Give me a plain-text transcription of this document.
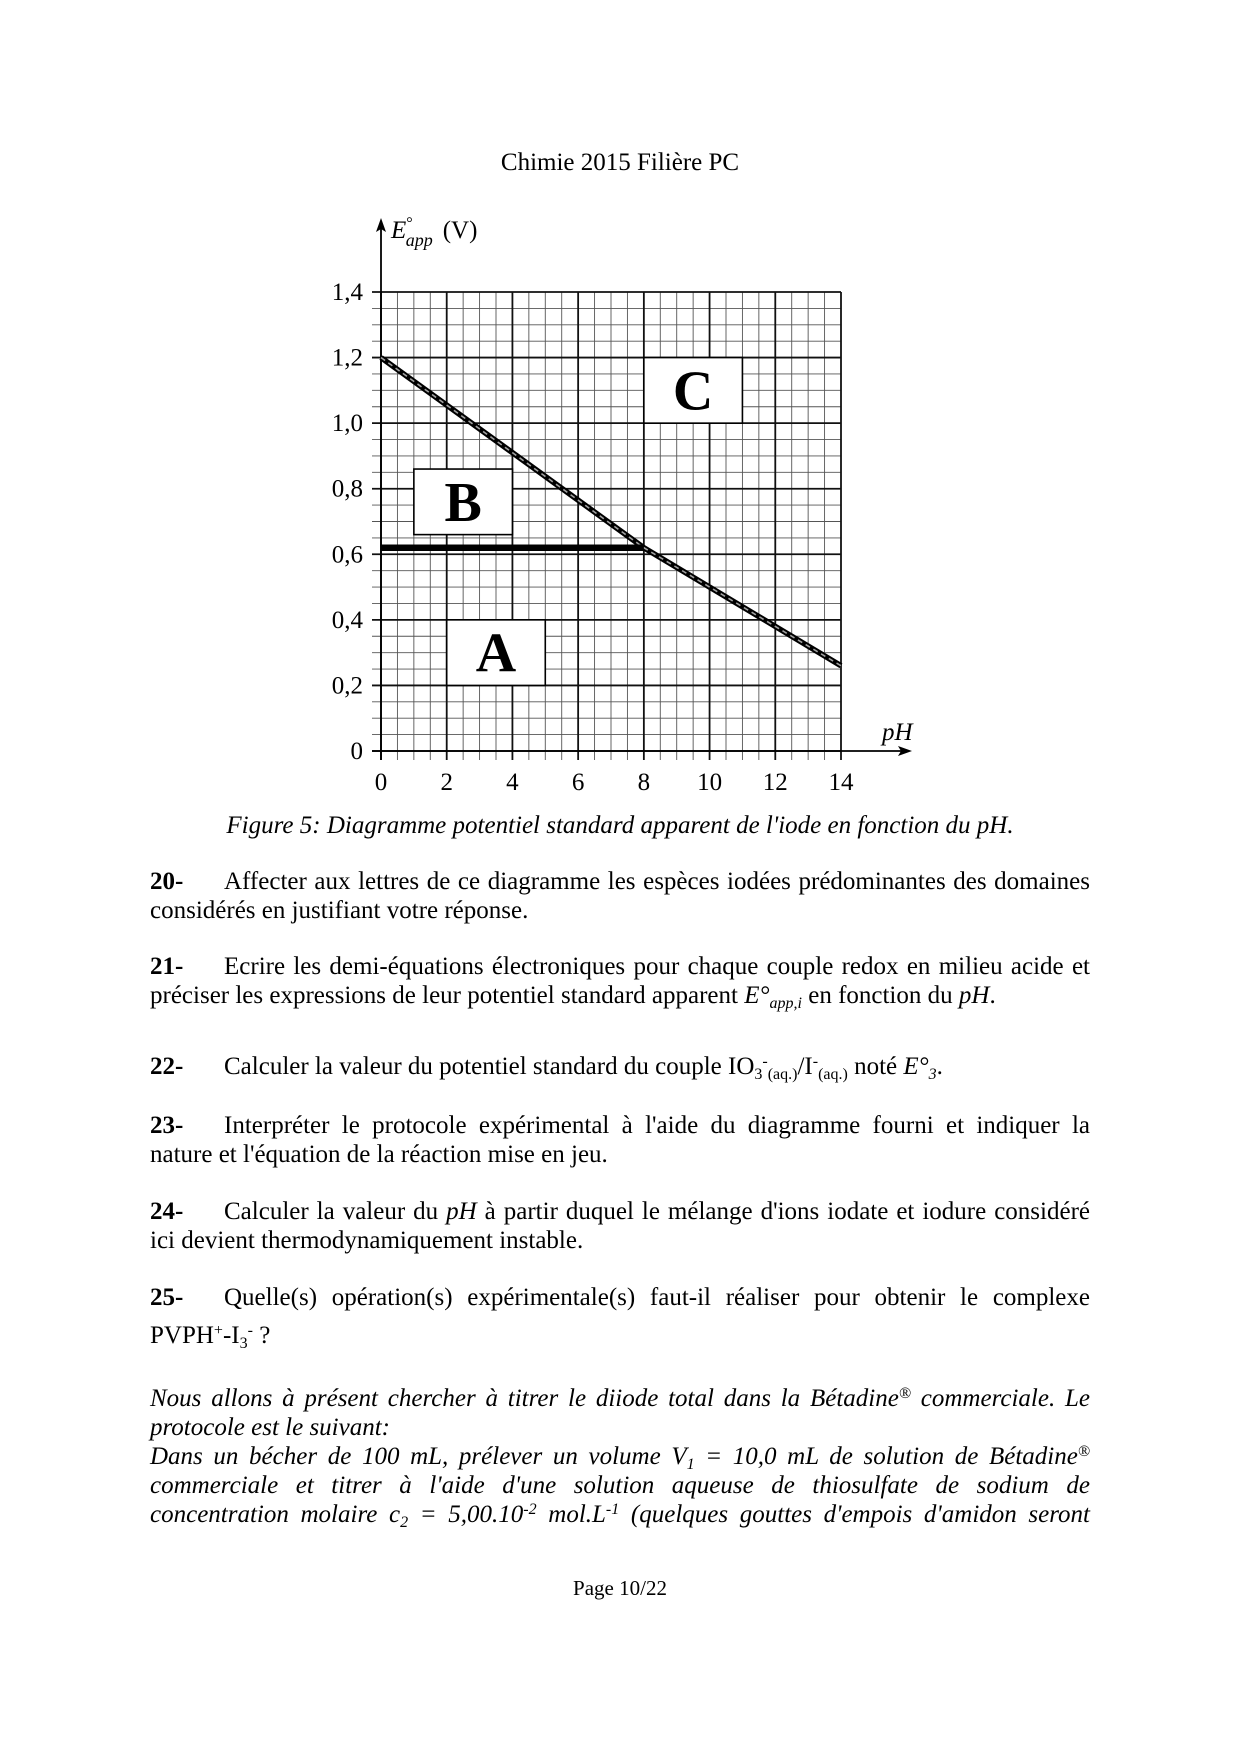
Chimie 2015 Filière PC
0 2 4 6 8 10 12 14
0
0,2
0,4
0,6
0,8
1,0
1,2
1,4
E° app (V)
pH
A
B
C
Figure 5: Diagramme potentiel standard apparent de l'iode en fonction du pH.
20- Affecter aux lettres de ce diagramme les espèces iodées prédominantes des domaines considérés en justifiant votre réponse.
21- Ecrire les demi-équations électroniques pour chaque couple redox en milieu acide et préciser les expressions de leur potentiel standard apparent $E^\circ_{app,i}$ en fonction du pH.
22- Calculer la valeur du potentiel standard du couple $IO_3^-_{(aq.)}/I^-_{(aq.)}$ noté $E^\circ_3$.
23- Interpréter le protocole expérimental à l'aide du diagramme fourni et indiquer la nature et l'équation de la réaction mise en jeu.
24- Calculer la valeur du pH à partir duquel le mélange d'ions iodate et iodure considéré ici devient thermodynamiquement instable.
25- Quelle(s) opération(s) expérimentale(s) faut-il réaliser pour obtenir le complexe $PVPH^+-I_3^-$ ?

Nous allons à présent chercher à titrer le diiode total dans la Bétadine® commerciale. Le protocole est le suivant:

Dans un bécher de 100 mL, prélever un volume $V_1 = 10,0$ mL de solution de Bétadine® commerciale et titrer à l'aide d'une solution aqueuse de thiosulfate de sodium de concentration molaire $c_2 = 5,00.10^{-2}$ $mol.L^{-1}$ (quelques gouttes d'empois d'amidon seront

Page 10/22
